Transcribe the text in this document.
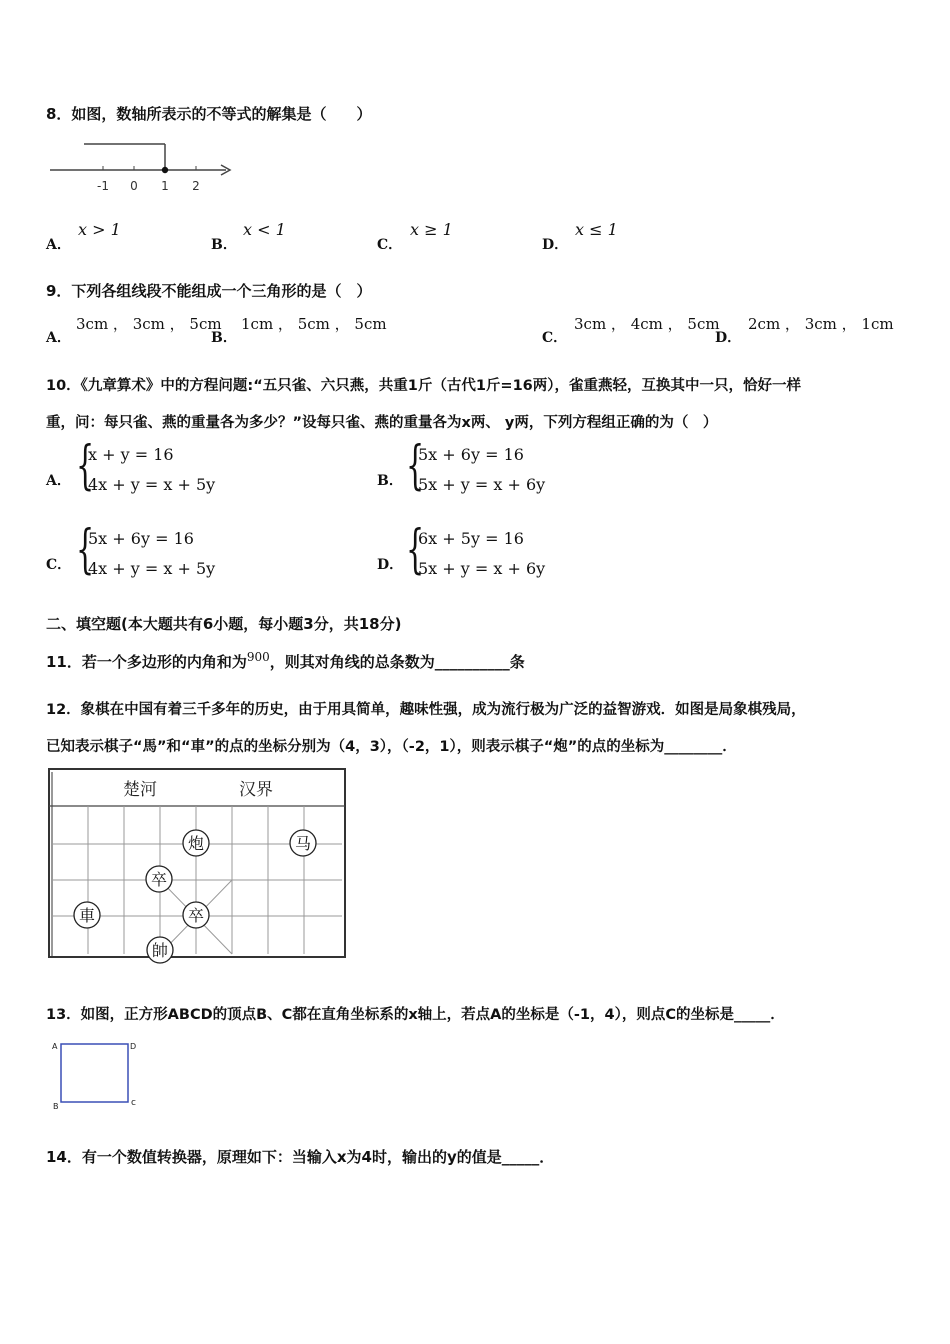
8．如图，数轴所表示的不等式的解集是（　　）
-1 0 1 2
A．
x > 1
B．
x < 1
C．
x ≥ 1
D．
x ≤ 1
9．下列各组线段不能组成一个三角形的是（　）
A．
3cm ， 3cm ， 5cm
B．
1cm ， 5cm ， 5cm
C．
3cm ， 4cm ， 5cm
D．
2cm ， 3cm ， 1cm
10．《九章算术》中的方程问题:“五只雀、六只燕，共重1斤（古代1斤=16两），雀重燕轻，互换其中一只，恰好一样
重，问：每只雀、燕的重量各为多少？”设每只雀、燕的重量各为x两、 y两，下列方程组正确的为（　）
A． {
x + y = 16
4x + y = x + 5y	B． {
5x + 6y = 16
5x + y = x + 6y
C． {
5x + 6y = 16
4x + y = x + 5y	D． {
6x + 5y = 16
5x + y = x + 6y
二、填空题(本大题共有6小题，每小题3分，共18分)
11．若一个多边形的内角和为$^{900}$，则其对角线的总条数为__________条
12．象棋在中国有着三千多年的历史，由于用具简单，趣味性强，成为流行极为广泛的益智游戏．如图是局象棋残局，
已知表示棋子“馬”和“車”的点的坐标分别为（4，3），（-2，1），则表示棋子“炮”的点的坐标为________．
楚河	汉界
炮	马
卒
車	卒
帥
13．如图，正方形ABCD的顶点B、C都在直角坐标系的x轴上，若点A的坐标是（-1，4），则点C的坐标是_____．
A	D
B	c
14．有一个数值转换器，原理如下：当输入x为4时，输出的y的值是_____．
